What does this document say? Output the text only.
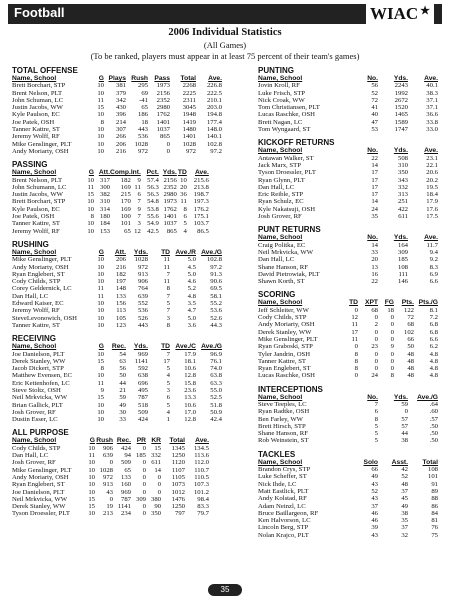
Football	WIAC ★
2006 Individual Statistics
(All Games)
(To be ranked, players must appear in at least 75 percent of their team's games)
TOTAL OFFENSE
Name, School	G	Plays	Rush	Pass	Total	Ave.
Brett Borchart, STP	10	381	295	1973	2268	226.8
Brent Nelson, PLT	10	379	69	2156	2225	222.5
John Schuman, LC	11	342	-41	2352	2311	210.1
Justin Jacobs, WW	15	430	65	2980	3045	203.0
Kyle Paulson, EC	10	396	186	1762	1948	194.8
Joe Patek, OSH	8	214	18	1401	1419	177.4
Tanner Kattre, ST	10	307	443	1037	1480	148.0
Jeremy Wolff, RF	10	266	536	865	1401	140.1
Mike Genslinger, PLT	10	206	1028	0	1028	102.8
Andy Moriarty, OSH	10	216	972	0	972	97.2
PASSING
Name, School	G	Att.	Comp.	Int.	Pct.	Yds.	TD	Ave.
Brent Nelson, PLT	10	317	182	9	57.4	2156	10	215.6
John Schumann, LC	11	300	169	11	56.3	2352	20	213.8
Justin Jacobs, WW	15	382	215	6	56.3	2980	36	198.7
Brett Borchart, STP	10	310	170	7	54.8	1973	11	197.3
Kyle Paulson, EC	10	314	169	9	53.8	1762	8	176.2
Joe Patek, OSH	8	180	100	7	55.6	1401	6	175.1
Tanner Kattre, ST	10	184	101	3	54.9	1037	5	103.7
Jeremy Wolff, RF	10	153	65	12	42.5	865	4	86.5
RUSHING
Name, School	G	Att.	Yds.	TD	Ave./R	Ave./G
Mike Genslinger, PLT	10	206	1028	11	5.0	102.8
Andy Moriarty, OSH	10	216	972	11	4.5	97.2
Ryan Englebert, ST	10	182	913	7	5.0	91.3
Cody Childs, STP	10	197	906	11	4.6	90.6
Corey Geldernick, LC	11	148	764	8	5.2	69.5
Dan Hall, LC	11	133	639	7	4.8	58.1
Edward Kaiser, EC	10	156	552	5	3.5	55.2
Jeremy Wolff, RF	10	113	536	7	4.7	53.6
SteveLevonowich, OSH	10	105	526	3	5.0	52.6
Tanner Kattre, ST	10	123	443	8	3.6	44.3
RECEIVING
Name, School	G	Rec.	Yds.	TD	Ave./C	Ave./G
Joe Danielson, PLT	10	54	969	7	17.9	96.9
Derek Stanley, WW	15	63	1141	17	18.1	76.1
Jacob Dickert, STP	8	56	592	5	10.6	74.0
Matthew Evensen, EC	10	50	638	4	12.8	63.8
Eric Kettenhofen, LC	11	44	696	5	15.8	63.3
Steve Stoltz, OSH	9	21	495	3	23.6	55.0
Neil Mrkvicka, WW	15	59	787	6	13.3	52.5
Brian Gallick, PLT	10	49	518	5	10.6	51.8
Josh Grover, RF	10	30	509	4	17.0	50.9
Dustin Esser, LC	10	33	424	1	12.8	42.4
ALL PURPOSE
Name, School	G	Rush	Rec.	PR	KR	Total	Ave.
Cody Childs, STP	10	906	424	0	15	1345	134.5
Dan Hall, LC	11	639	94	185	332	1250	113.6
Josh Grover, RF	10	0	509	0	611	1120	112.0
Mike Genslinger, PLT	10	1028	65	0	14	1107	110.7
Andy Moriarty, OSH	10	972	133	0	0	1105	110.5
Ryan Englebert, ST	10	913	160	0	0	1073	107.3
Joe Danielson, PLT	10	43	969	0	0	1012	101.2
Neil Mrkvicka, WW	15	0	787	309	380	1476	98.4
Derek Stanley, WW	15	19	1141	0	90	1250	83.3
Tyson Droessler, PLT	10	213	234	0	350	797	79.7
PUNTING
Name, School	No.	Yds.	Ave.
Jovin Kroll, RF	56	2243	40.1
Luke Frisch, STP	52	1992	38.3
Nick Croak, WW	72	2672	37.1
Tom Christiansen, PLT	41	1520	37.1
Lucas Raschke, OSH	40	1465	36.6
Brett Nagan, LC	47	1589	33.8
Tom Wyngaard, ST	53	1747	33.0
KICKOFF RETURNS
Name, School	No.	Yds.	Ave.
Antawan Walker, ST	22	508	23.1
Jack Marx, STP	14	310	22.1
Tyson Droessler, PLT	17	350	20.6
Ryan Glynn, PLT	17	343	20.2
Dan Hall, LC	17	332	19.5
Eric Reible, STP	17	313	18.4
Ryan Schulz, EC	14	251	17.9
Kyle Nakatsuji, OSH	24	422	17.6
Josh Grover, RF	35	611	17.5
PUNT RETURNS
Name, School	No.	Yds.	Ave.
Craig Politka, EC	14	164	11.7
Neil Mrkvicka, WW	33	309	9.4
Dan Hall, LC	20	185	9.2
Shane Hanson, RF	13	108	8.3
David Pietrowiak, PLT	16	111	6.9
Shawn Korth, ST	22	146	6.6
SCORING
Name, School	TD	XPT	FG	Pts.	Pts./G
Jeff Schleiter, WW	0	68	18	122	8.1
Cody Childs, STP	12	0	0	72	7.2
Andy Moriarty, OSH	11	2	0	68	6.8
Derek Stanley, WW	17	0	0	102	6.8
Mike Genslinger, PLT	11	0	0	66	6.6
Ryan Graboski, STP	0	23	9	50	6.2
Tyler Jandrin, OSH	8	0	0	48	4.8
Tanner Kattre, ST	8	0	0	48	4.8
Ryan Englebert, ST	8	0	0	48	4.8
Lucas Raschke, OSH	0	24	8	48	4.8
INTERCEPTIONS
Name, School	No.	Yds.	Ave./G
Steve Teeples, LC	7	59	.64
Ryan Radtke, OSH	6	0	.60
Ben Farley, WW	8	57	.57
Brett Hirsch, STP	5	57	.50
Shane Hanson, RF	5	44	.50
Rob Weinstein, ST	5	38	.50
TACKLES
Name, School	Solo	Asst.	Total
Brandon Crys, STP	66	42	108
Luke Scheffer, ST	49	52	101
Nick Ihde, LC	43	48	91
Matt Eastlick, PLT	52	37	89
Andy Kolstad, RF	43	45	88
Adam Neinzl, LC	37	49	86
Bruce Baillargeon, RF	46	38	84
Ken Halvorson, LC	46	35	81
Lincoln Berg, STP	39	37	76
Nolan Krajco, PLT	43	32	75
35
